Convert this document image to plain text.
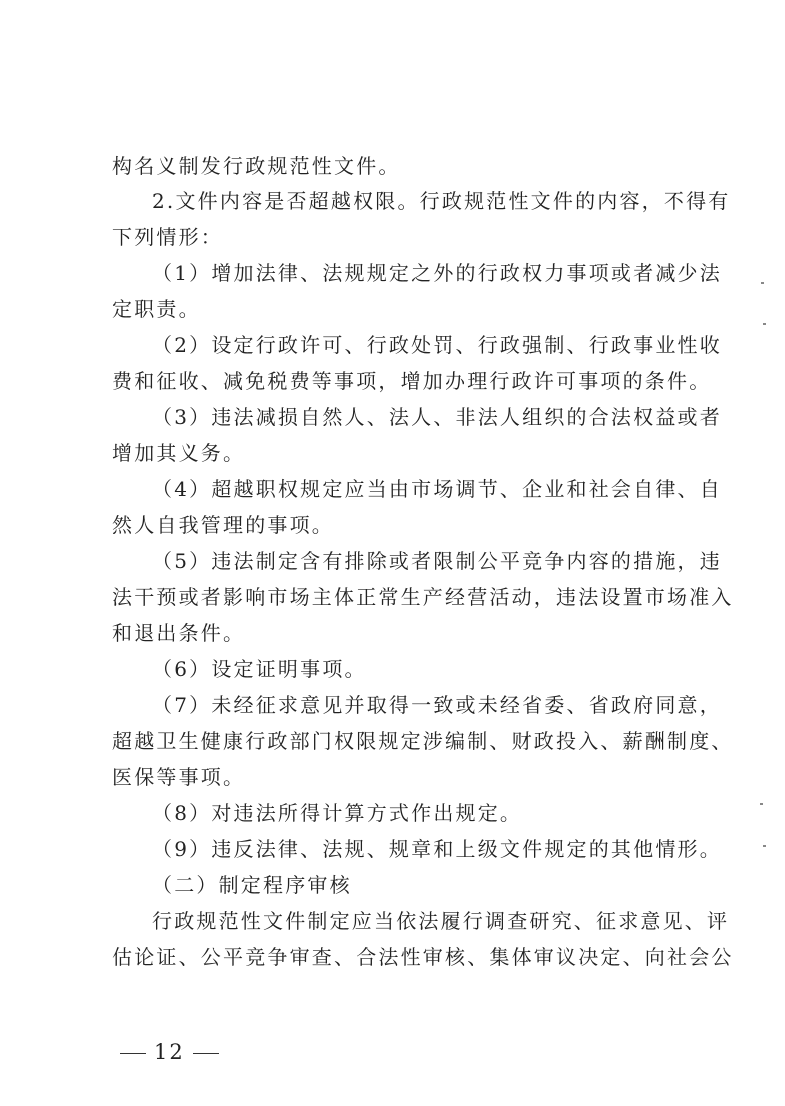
构名义制发行政规范性文件。

2.文件内容是否超越权限。行政规范性文件的内容，不得有

下列情形：

（1）增加法律、法规规定之外的行政权力事项或者减少法

定职责。

（2）设定行政许可、行政处罚、行政强制、行政事业性收

费和征收、减免税费等事项，增加办理行政许可事项的条件。

（3）违法减损自然人、法人、非法人组织的合法权益或者

增加其义务。

（4）超越职权规定应当由市场调节、企业和社会自律、自

然人自我管理的事项。

（5）违法制定含有排除或者限制公平竞争内容的措施，违

法干预或者影响市场主体正常生产经营活动，违法设置市场准入

和退出条件。

（6）设定证明事项。

（7）未经征求意见并取得一致或未经省委、省政府同意，

超越卫生健康行政部门权限规定涉编制、财政投入、薪酬制度、

医保等事项。

（8）对违法所得计算方式作出规定。

（9）违反法律、法规、规章和上级文件规定的其他情形。

（二）制定程序审核

行政规范性文件制定应当依法履行调查研究、征求意见、评

估论证、公平竞争审查、合法性审核、集体审议决定、向社会公

12
